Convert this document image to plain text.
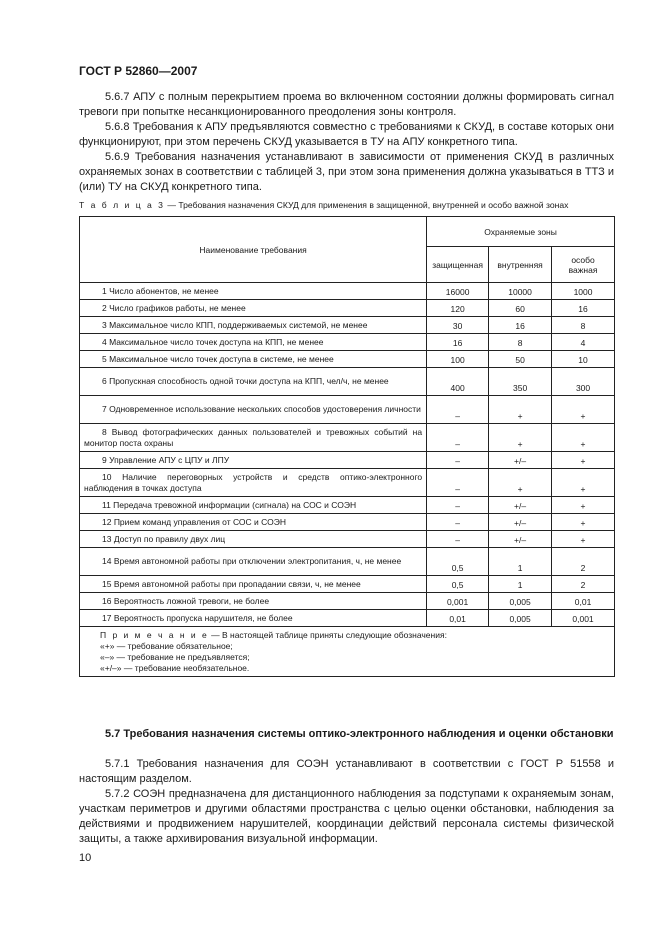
ГОСТ Р 52860—2007

5.6.7 АПУ с полным перекрытием проема во включенном состоянии должны формировать сигнал тревоги при попытке несанкционированного преодоления зоны контроля.

5.6.8 Требования к АПУ предъявляются совместно с требованиями к СКУД, в составе которых они функционируют, при этом перечень СКУД указывается в ТУ на АПУ конкретного типа.

5.6.9 Требования назначения устанавливают в зависимости от применения СКУД в различных охраняемых зонах в соответствии с таблицей 3, при этом зона применения должна указываться в ТТЗ и (или) ТУ на СКУД конкретного типа.

Т а б л и ц а 3 — Требования назначения СКУД для применения в защищенной, внутренней и особо важной зонах
Наименование требования	Охраняемые зоны		
	защищенная	внутренняя	особо важная
1 Число абонентов, не менее	16000	10000	1000
2 Число графиков работы, не менее	120	60	16
3 Максимальное число КПП, поддерживаемых системой, не менее	30	16	8
4 Максимальное число точек доступа на КПП, не менее	16	8	4
5 Максимальное число точек доступа в системе, не менее	100	50	10
6 Пропускная способность одной точки доступа на КПП, чел/ч, не менее	400	350	300
7 Одновременное использование нескольких способов удостоверения личности	–	+	+
8 Вывод фотографических данных пользователей и тревожных событий на монитор поста охраны	–	+	+
9 Управление АПУ с ЦПУ и ЛПУ	–	+/–	+
10 Наличие переговорных устройств и средств оптико-электронного наблюдения в точках доступа	–	+	+
11 Передача тревожной информации (сигнала) на СОС и СОЭН	–	+/–	+
12 Прием команд управления от СОС и СОЭН	–	+/–	+
13 Доступ по правилу двух лиц	–	+/–	+
14 Время автономной работы при отключении электропитания, ч, не менее	0,5	1	2
15 Время автономной работы при пропадании связи, ч, не менее	0,5	1	2
16 Вероятность ложной тревоги, не более	0,001	0,005	0,01
17 Вероятность пропуска нарушителя, не более	0,01	0,005	0,001

П р и м е ч а н и е — В настоящей таблице приняты следующие обозначения:
«+» — требование обязательное;
«–» — требование не предъявляется;
«+/–» — требование необязательное.			

5.7 Требования назначения системы оптико-электронного наблюдения и оценки обстановки

5.7.1 Требования назначения для СОЭН устанавливают в соответствии с ГОСТ Р 51558 и настоящим разделом.

5.7.2 СОЭН предназначена для дистанционного наблюдения за подступами к охраняемым зонам, участкам периметров и другими областями пространства с целью оценки обстановки, наблюдения за действиями и продвижением нарушителей, координации действий персонала системы физической защиты, а также архивирования визуальной информации.

10
